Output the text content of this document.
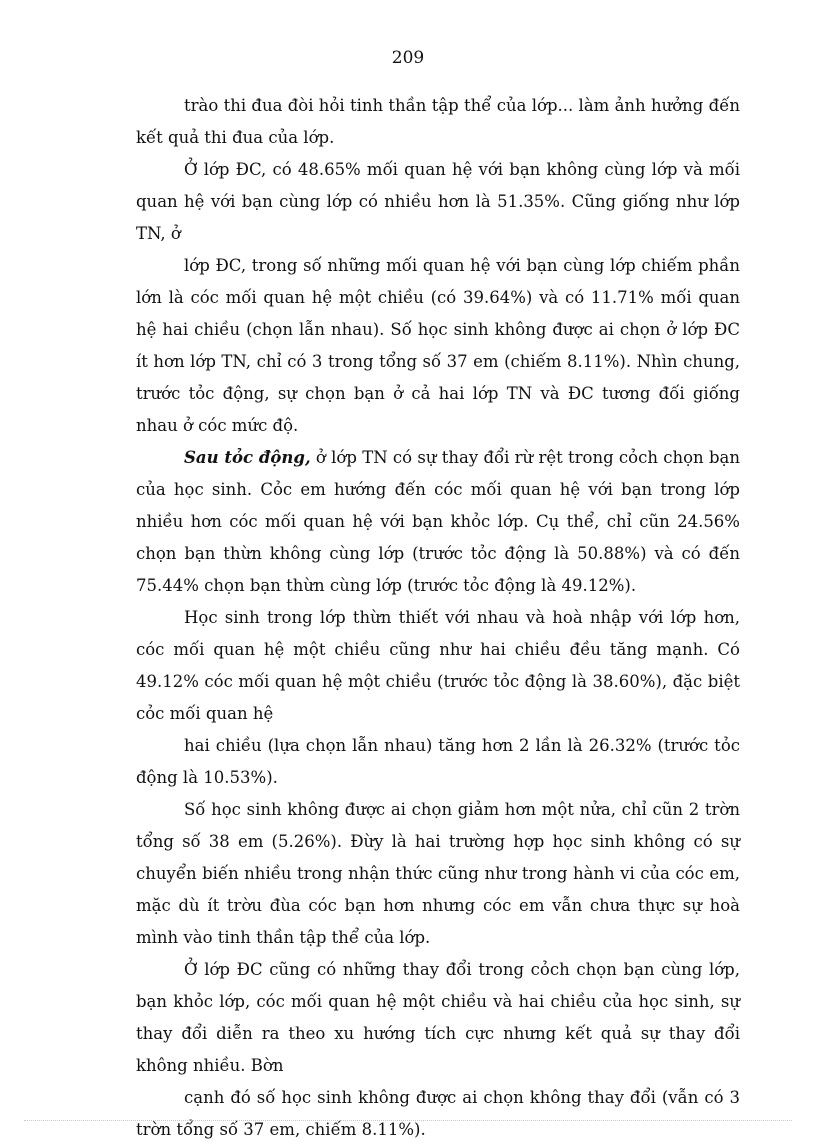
209

trào thi đua đòi hỏi tinh thần tập thể của lớp... làm ảnh hưởng đến kết quả thi đua của lớp.

Ở lớp ĐC, có 48.65% mối quan hệ với bạn không cùng lớp và mối quan hệ với bạn cùng lớp có nhiều hơn là 51.35%. Cũng giống như lớp TN, ở

lớp ĐC, trong số những mối quan hệ với bạn cùng lớp chiếm phần lớn là cóc mối quan hệ một chiều (có 39.64%) và có 11.71% mối quan hệ hai chiều (chọn lẫn nhau). Số học sinh không được ai chọn ở lớp ĐC ít hơn lớp TN, chỉ có 3 trong tổng số 37 em (chiếm 8.11%). Nhìn chung, trước tỏc động, sự chọn bạn ở cả hai lớp TN và ĐC tương đối giống nhau ở cóc mức độ.

Sau tỏc động, ở lớp TN có sự thay đổi rừ rệt trong cỏch chọn bạn của học sinh. Cỏc em hướng đến cóc mối quan hệ với bạn trong lớp nhiều hơn cóc mối quan hệ với bạn khỏc lớp. Cụ thể, chỉ cũn 24.56% chọn bạn thừn không cùng lớp (trước tỏc động là 50.88%) và có đến 75.44% chọn bạn thừn cùng lớp (trước tỏc động là 49.12%).

Học sinh trong lớp thừn thiết với nhau và hoà nhập với lớp hơn, cóc mối quan hệ một chiều cũng như hai chiều đều tăng mạnh. Có 49.12% cóc mối quan hệ một chiều (trước tỏc động là 38.60%), đặc biệt cỏc mối quan hệ

hai chiều (lựa chọn lẫn nhau) tăng hơn 2 lần là 26.32% (trước tỏc động là 10.53%).

Số học sinh không được ai chọn giảm hơn một nửa, chỉ cũn 2 trờn tổng số 38 em (5.26%). Đừy là hai trường hợp học sinh không có sự chuyển biến nhiều trong nhận thức cũng như trong hành vi của cóc em, mặc dù ít trờu đùa cóc bạn hơn nhưng cóc em vẫn chưa thực sự hoà mình vào tinh thần tập thể của lớp.

Ở lớp ĐC cũng có những thay đổi trong cỏch chọn bạn cùng lớp, bạn khỏc lớp, cóc mối quan hệ một chiều và hai chiều của học sinh, sự thay đổi diễn ra theo xu hướng tích cực nhưng kết quả sự thay đổi không nhiều. Bờn

cạnh đó số học sinh không được ai chọn không thay đổi (vẫn có 3 trờn tổng số 37 em, chiếm 8.11%).
